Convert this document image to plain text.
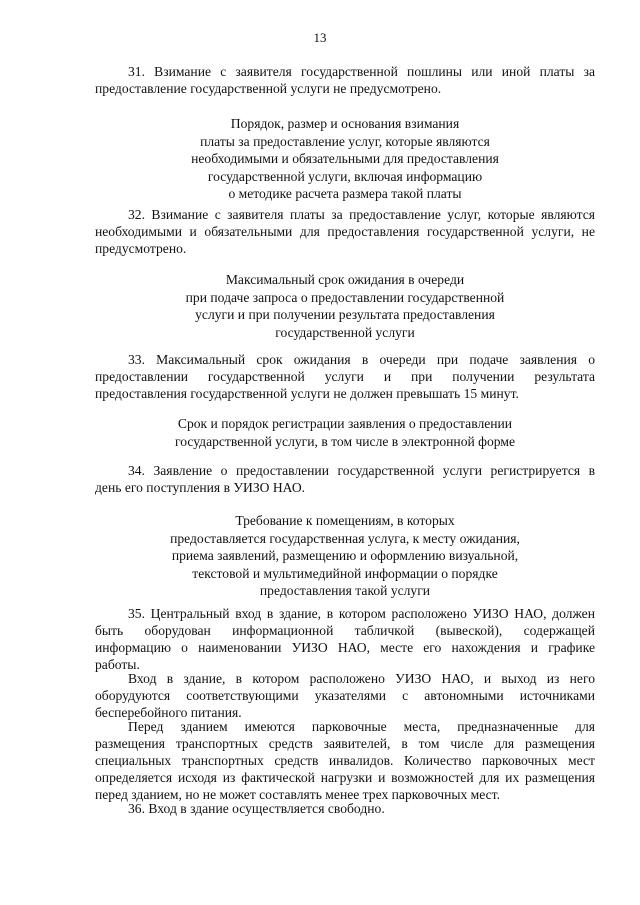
13

31. Взимание с заявителя государственной пошлины или иной платы за

предоставление государственной услуги не предусмотрено.

Порядок, размер и основания взимания
платы за предоставление услуг, которые являются
необходимыми и обязательными для предоставления
государственной услуги, включая информацию
о методике расчета размера такой платы

32. Взимание с заявителя платы за предоставление услуг, которые являются

необходимыми и обязательными для предоставления государственной услуги, не

предусмотрено.

Максимальный срок ожидания в очереди
при подаче запроса о предоставлении государственной
услуги и при получении результата предоставления
государственной услуги

33. Максимальный срок ожидания в очереди при подаче заявления о

предоставлении государственной услуги и при получении результата

предоставления государственной услуги не должен превышать 15 минут.

Срок и порядок регистрации заявления о предоставлении
государственной услуги, в том числе в электронной форме

34. Заявление о предоставлении государственной услуги регистрируется в

день его поступления в УИЗО НАО.

Требование к помещениям, в которых
предоставляется государственная услуга, к месту ожидания,
приема заявлений, размещению и оформлению визуальной,
текстовой и мультимедийной информации о порядке
предоставления такой услуги

35. Центральный вход в здание, в котором расположено УИЗО НАО, должен

быть оборудован информационной табличкой (вывеской), содержащей

информацию о наименовании УИЗО НАО, месте его нахождения и графике

работы.

Вход в здание, в котором расположено УИЗО НАО, и выход из него

оборудуются соответствующими указателями с автономными источниками

бесперебойного питания.

Перед зданием имеются парковочные места, предназначенные для

размещения транспортных средств заявителей, в том числе для размещения

специальных транспортных средств инвалидов. Количество парковочных мест

определяется исходя из фактической нагрузки и возможностей для их размещения

перед зданием, но не может составлять менее трех парковочных мест.

36. Вход в здание осуществляется свободно.
